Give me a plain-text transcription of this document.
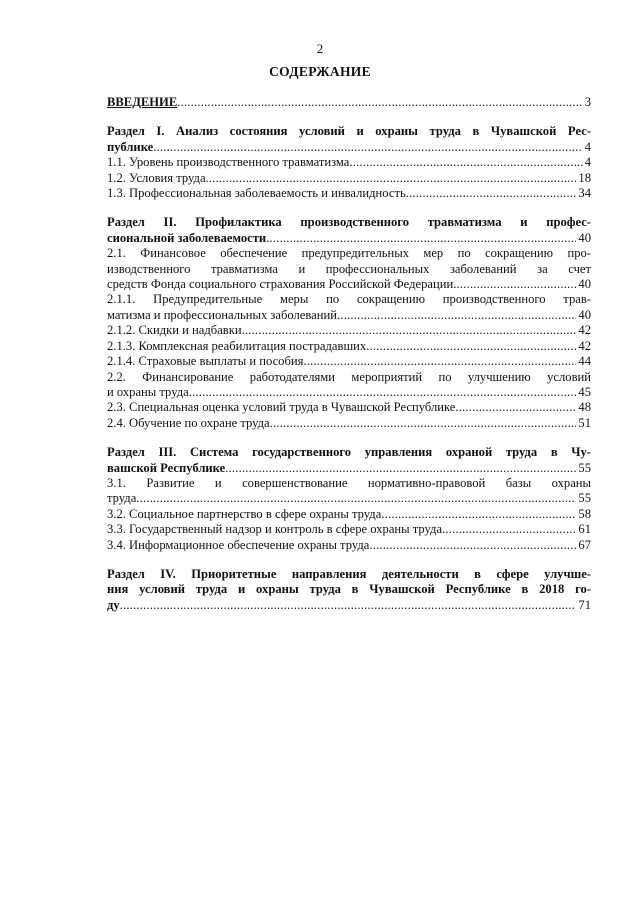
2
СОДЕРЖАНИЕ
ВВЕДЕНИЕ .....	3
Раздел I. Анализ состояния условий и охраны труда в Чувашской Рес-
публике .....	4
1.1. Уровень производственного травматизма .....	4
1.2. Условия труда .....	18
1.3. Профессиональная заболеваемость и инвалидность .....	34
Раздел II. Профилактика производственного травматизма и профес-
сиональной заболеваемости .....	40
2.1. Финансовое обеспечение предупредительных мер по сокращению про-
изводственного травматизма и профессиональных заболеваний за счет
средств Фонда социального страхования Российской Федерации .....	40
2.1.1. Предупредительные меры по сокращению производственного трав-
матизма и профессиональных заболеваний .....	40
2.1.2. Скидки и надбавки .....	42
2.1.3. Комплексная реабилитация пострадавших .....	42
2.1.4. Страховые выплаты и пособия .....	44
2.2. Финансирование работодателями мероприятий по улучшению условий
и охраны труда .....	45
2.3. Специальная оценка условий труда в Чувашской Республике .....	48
2.4. Обучение по охране труда .....	51
Раздел III. Система государственного управления охраной труда в Чу-
вашской Республике .....	55
3.1. Развитие и совершенствование нормативно-правовой базы охраны
труда .....	55
3.2. Социальное партнерство в сфере охраны труда .....	58
3.3. Государственный надзор и контроль в сфере охраны труда .....	61
3.4. Информационное обеспечение охраны труда .....	67
Раздел IV. Приоритетные направления деятельности в сфере улучше-
ния условий труда и охраны труда в Чувашской Республике в 2018 го-
ду .....	71
